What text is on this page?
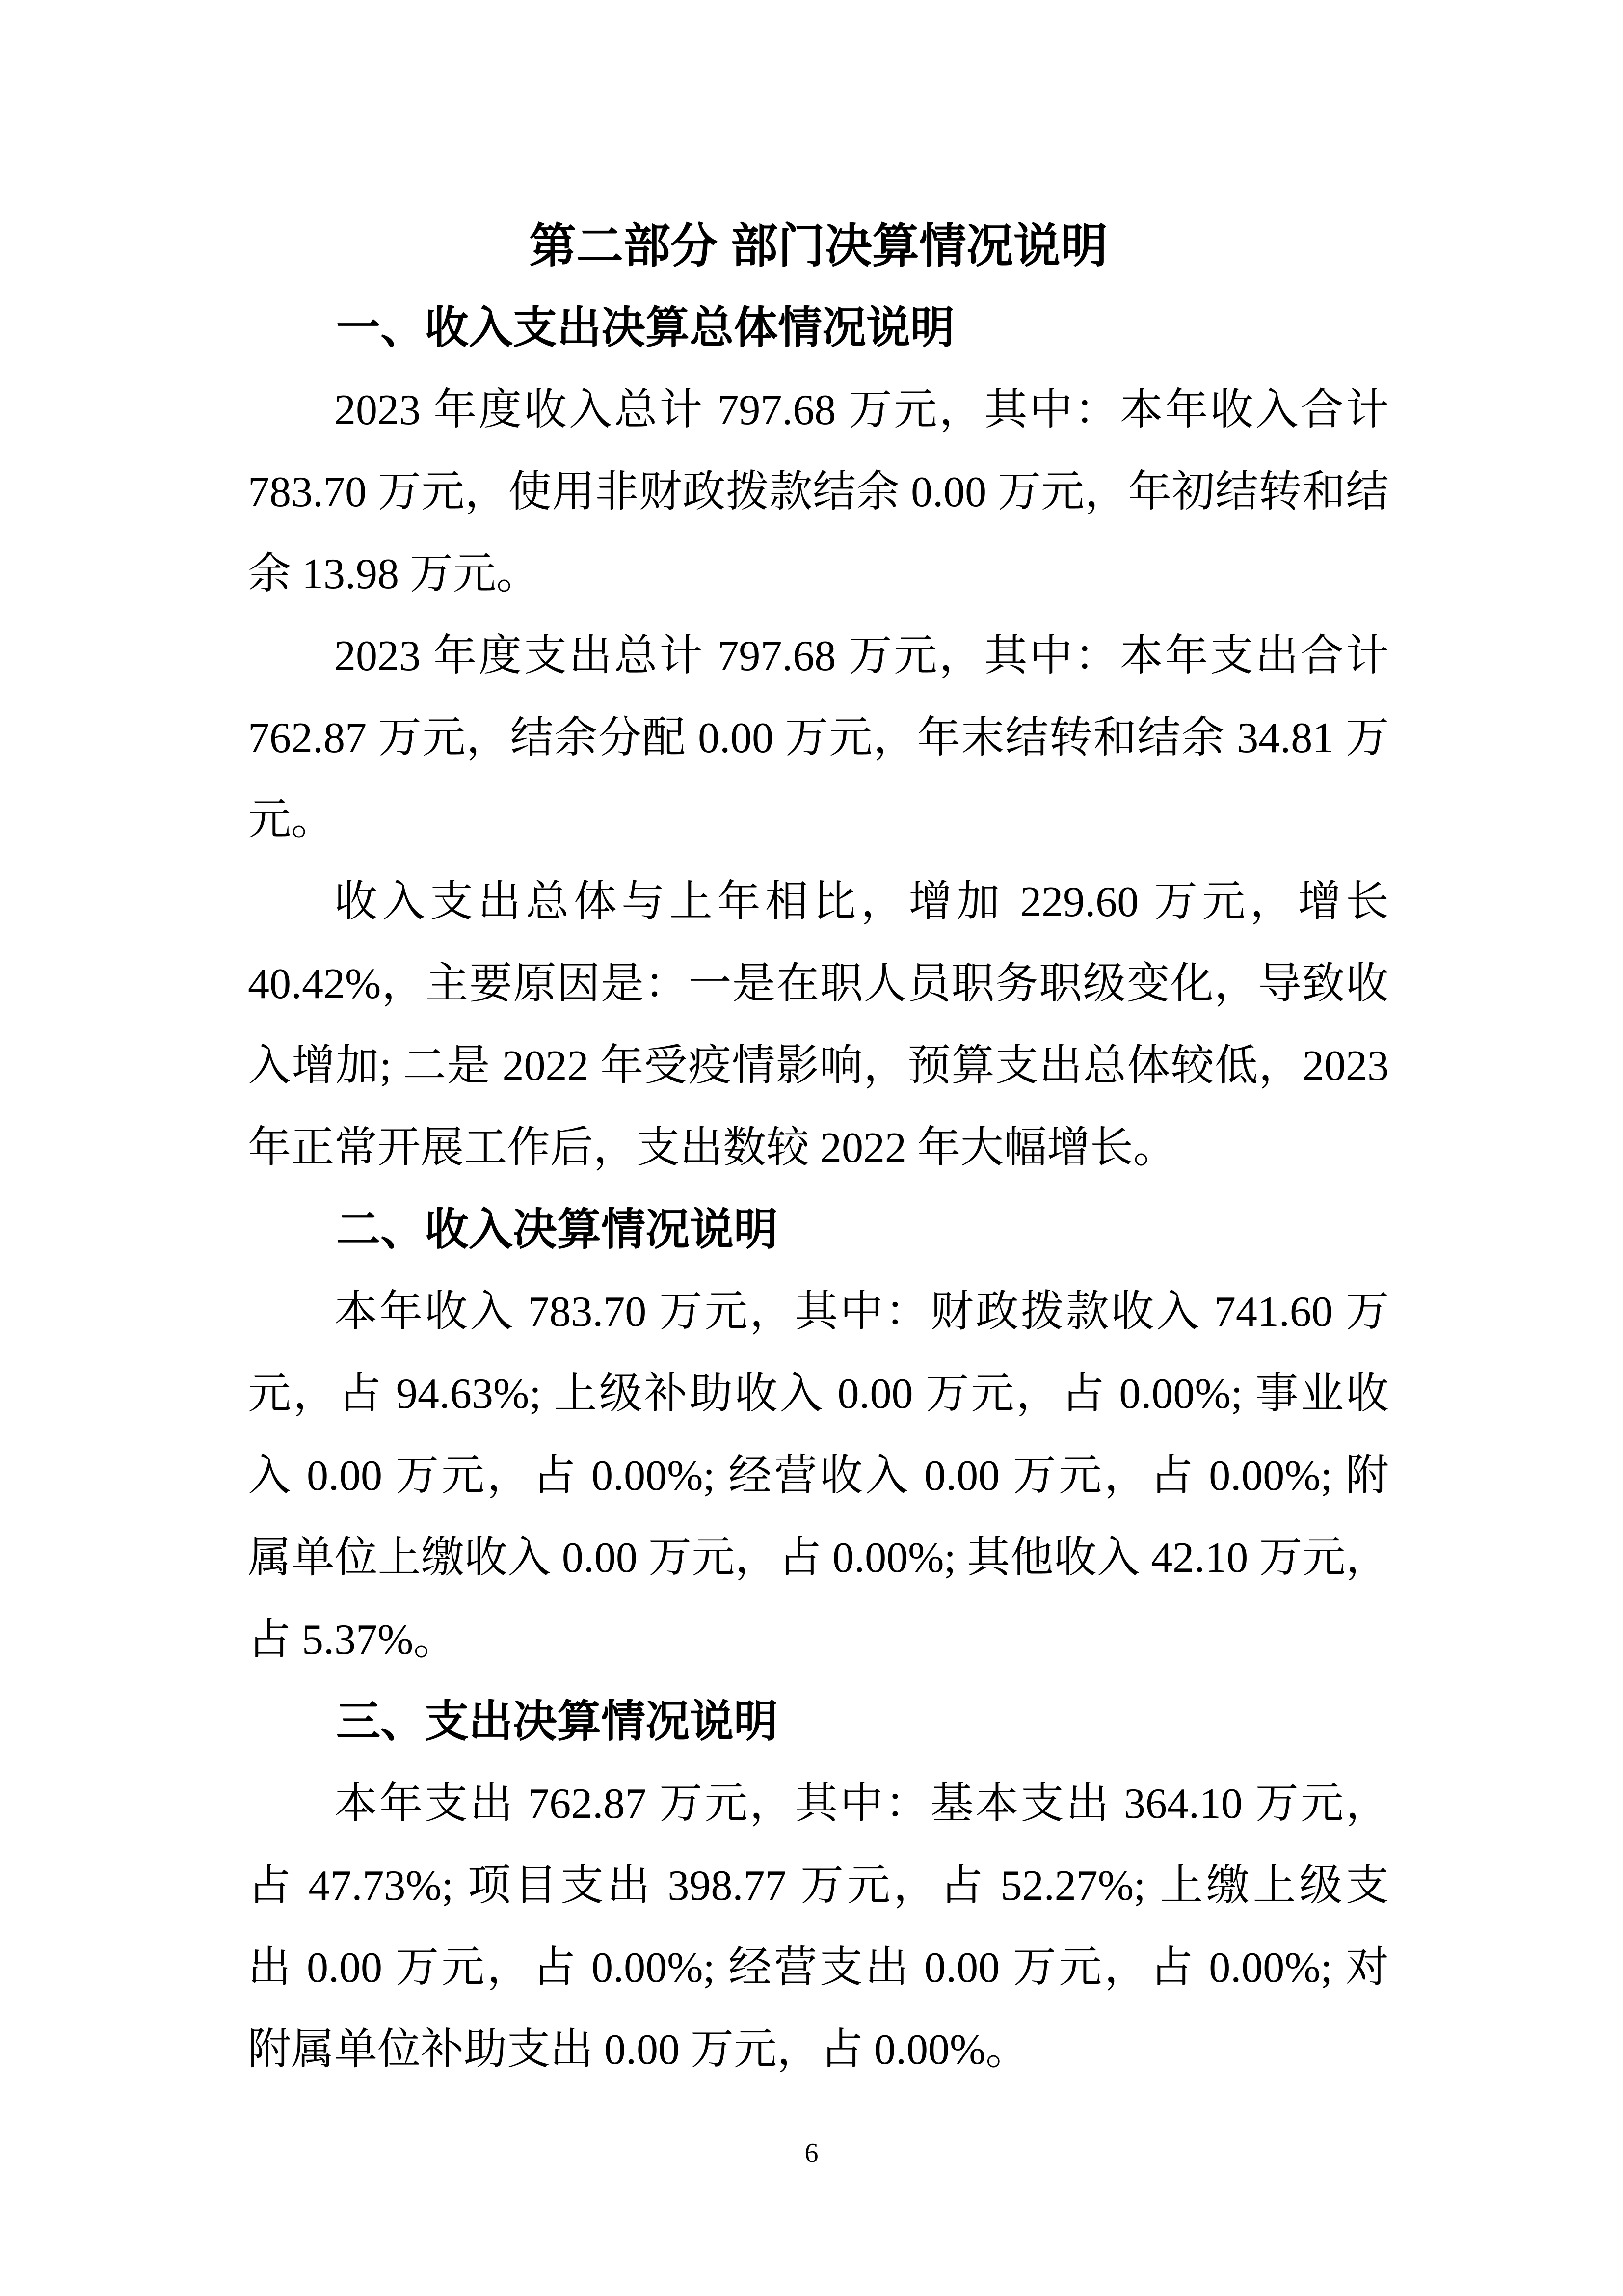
第二部分 部门决算情况说明
一、收入支出决算总体情况说明
2023 年度收入总计 797.68 万元，其中：本年收入合计
783.70 万元，使用非财政拨款结余 0.00 万元，年初结转和结
余 13.98 万元。
2023 年度支出总计 797.68 万元，其中：本年支出合计
762.87 万元，结余分配 0.00 万元，年末结转和结余 34.81 万
元。
收入支出总体与上年相比，增加 229.60 万元，增长
40.42%，主要原因是：一是在职人员职务职级变化，导致收
入增加; 二是 2022 年受疫情影响，预算支出总体较低，2023
年正常开展工作后，支出数较 2022 年大幅增长。
二、收入决算情况说明
本年收入 783.70 万元，其中：财政拨款收入 741.60 万
元，占 94.63%; 上级补助收入 0.00 万元，占 0.00%; 事业收
入 0.00 万元，占 0.00%; 经营收入 0.00 万元，占 0.00%; 附
属单位上缴收入 0.00 万元，占 0.00%; 其他收入 42.10 万元，
占 5.37%。
三、支出决算情况说明
本年支出 762.87 万元，其中：基本支出 364.10 万元，
占 47.73%; 项目支出 398.77 万元，占 52.27%; 上缴上级支
出 0.00 万元，占 0.00%; 经营支出 0.00 万元，占 0.00%; 对
附属单位补助支出 0.00 万元，占 0.00%。
6
